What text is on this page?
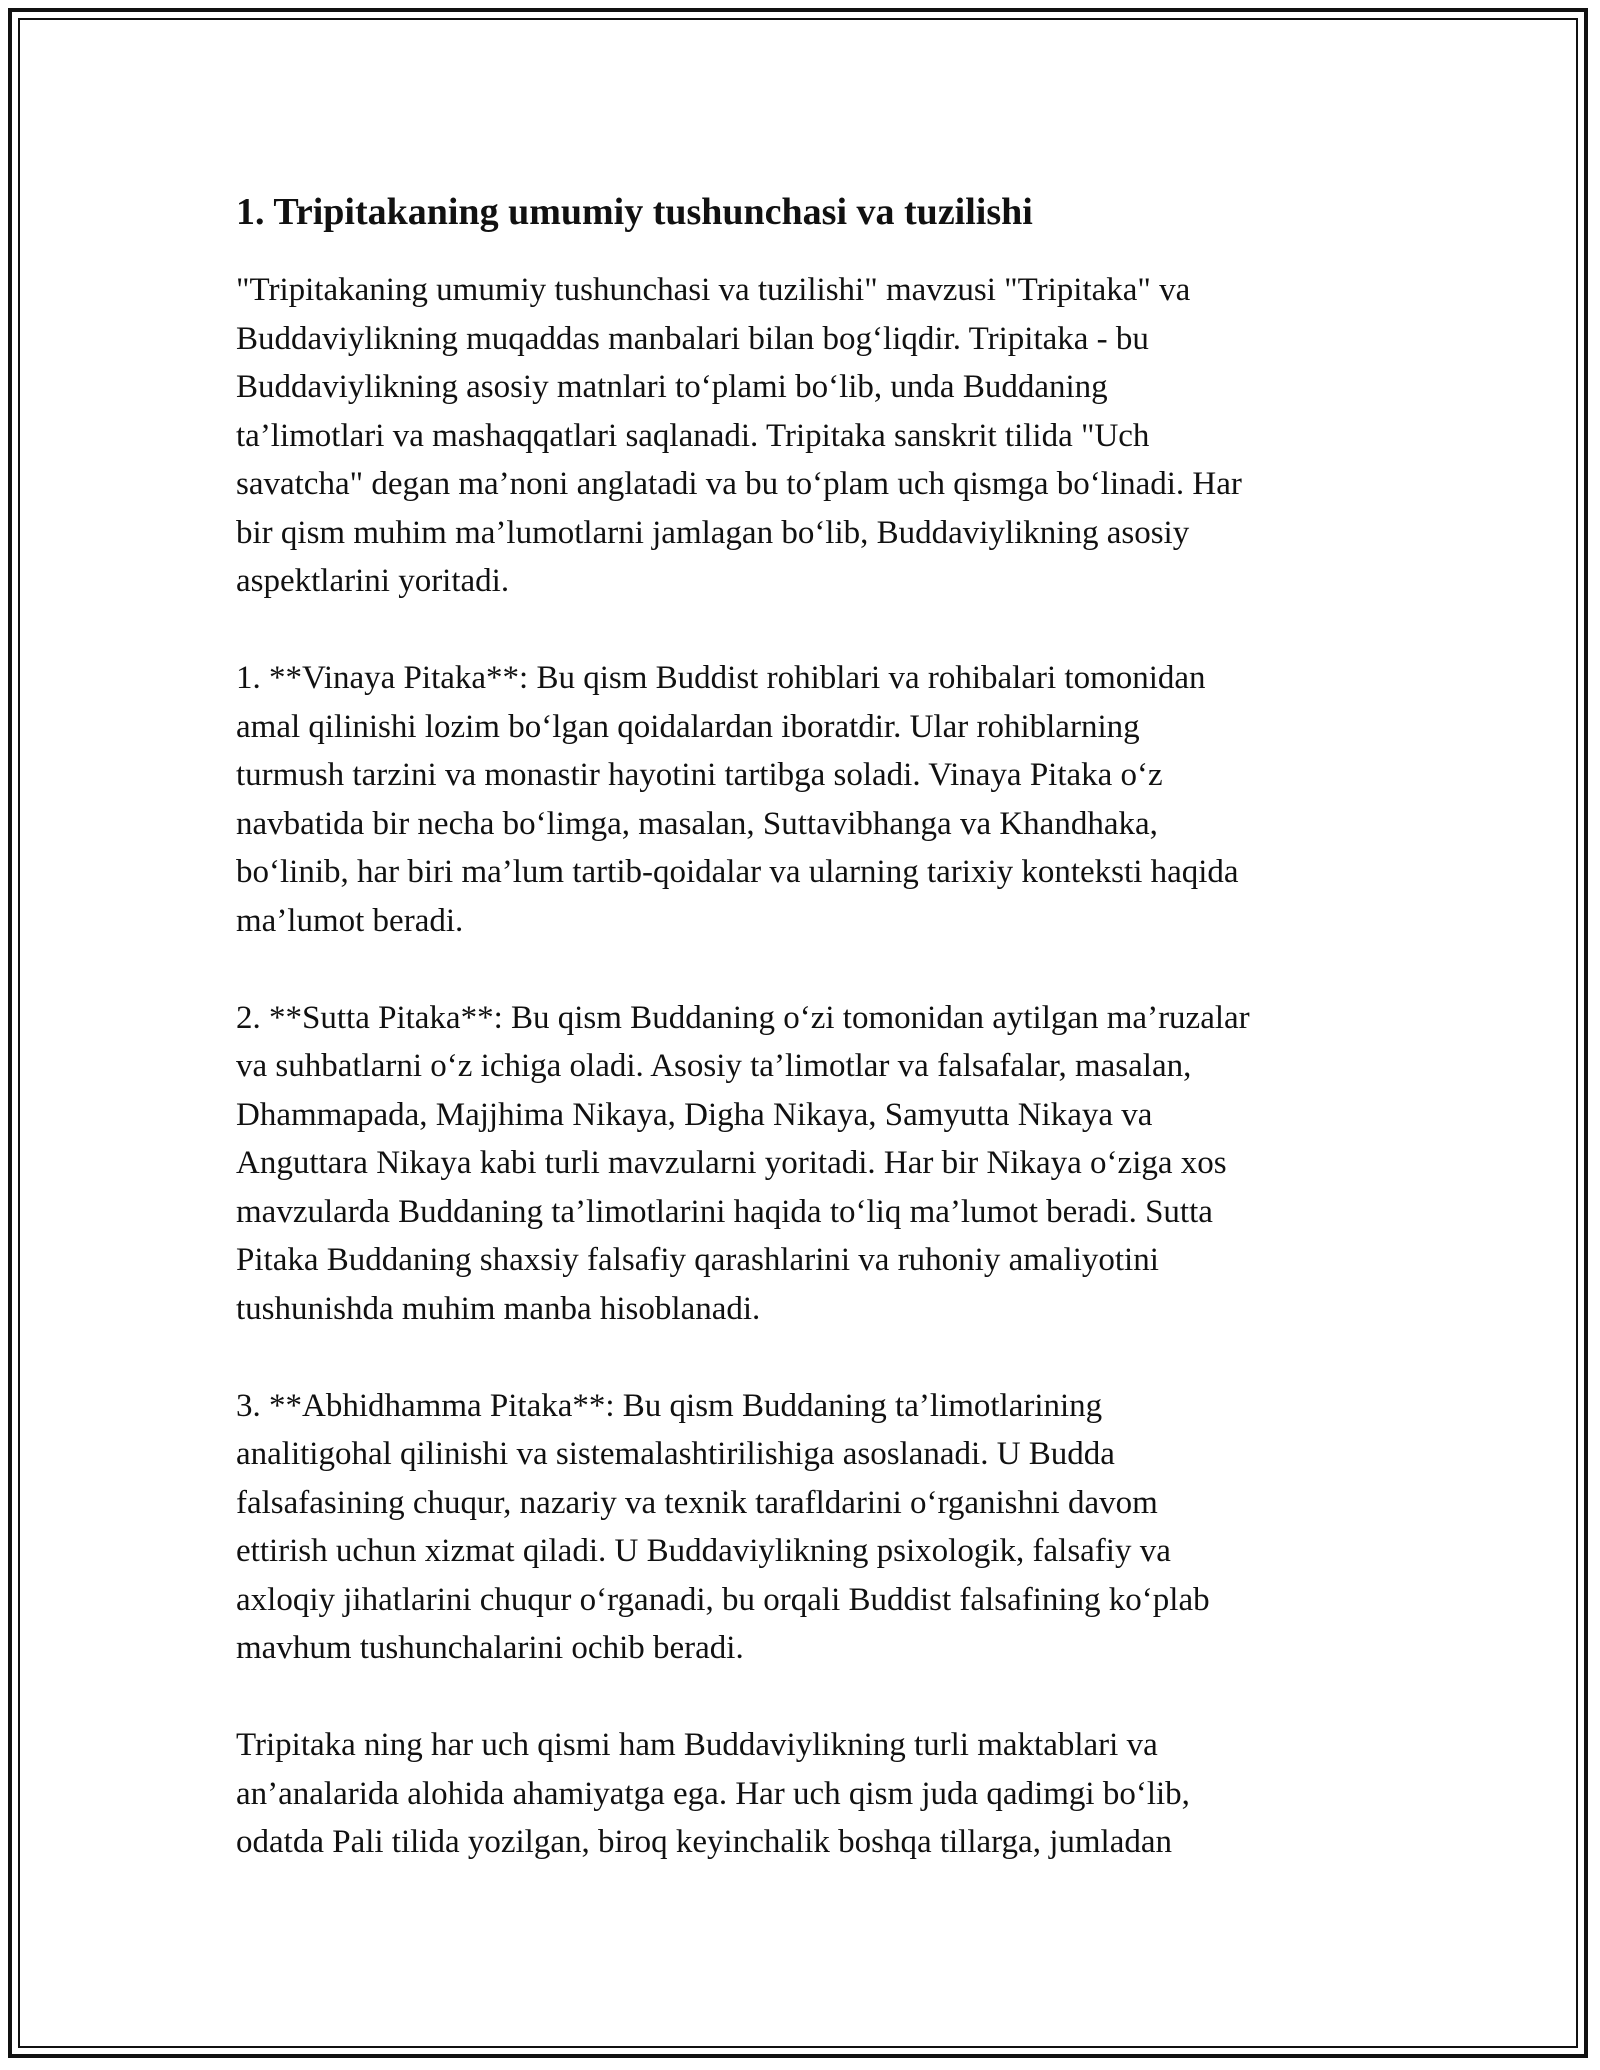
1. Tripitakaning umumiy tushunchasi va tuzilishi

"Tripitakaning umumiy tushunchasi va tuzilishi" mavzusi "Tripitaka" va
Buddaviylikning muqaddas manbalari bilan bog‘liqdir. Tripitaka - bu
Buddaviylikning asosiy matnlari to‘plami bo‘lib, unda Buddaning
ta’limotlari va mashaqqatlari saqlanadi. Tripitaka sanskrit tilida "Uch
savatcha" degan ma’noni anglatadi va bu to‘plam uch qismga bo‘linadi. Har
bir qism muhim ma’lumotlarni jamlagan bo‘lib, Buddaviylikning asosiy
aspektlarini yoritadi.

1. **Vinaya Pitaka**: Bu qism Buddist rohiblari va rohibalari tomonidan
amal qilinishi lozim bo‘lgan qoidalardan iboratdir. Ular rohiblarning
turmush tarzini va monastir hayotini tartibga soladi. Vinaya Pitaka o‘z
navbatida bir necha bo‘limga, masalan, Suttavibhanga va Khandhaka,
bo‘linib, har biri ma’lum tartib-qoidalar va ularning tarixiy konteksti haqida
ma’lumot beradi.

2. **Sutta Pitaka**: Bu qism Buddaning o‘zi tomonidan aytilgan ma’ruzalar
va suhbatlarni o‘z ichiga oladi. Asosiy ta’limotlar va falsafalar, masalan,
Dhammapada, Majjhima Nikaya, Digha Nikaya, Samyutta Nikaya va
Anguttara Nikaya kabi turli mavzularni yoritadi. Har bir Nikaya o‘ziga xos
mavzularda Buddaning ta’limotlarini haqida to‘liq ma’lumot beradi. Sutta
Pitaka Buddaning shaxsiy falsafiy qarashlarini va ruhoniy amaliyotini
tushunishda muhim manba hisoblanadi.

3. **Abhidhamma Pitaka**: Bu qism Buddaning ta’limotlarining
analitigohal qilinishi va sistemalashtirilishiga asoslanadi. U Budda
falsafasining chuqur, nazariy va texnik tarafldarini o‘rganishni davom
ettirish uchun xizmat qiladi. U Buddaviylikning psixologik, falsafiy va
axloqiy jihatlarini chuqur o‘rganadi, bu orqali Buddist falsafining ko‘plab
mavhum tushunchalarini ochib beradi.

Tripitaka ning har uch qismi ham Buddaviylikning turli maktablari va
an’analarida alohida ahamiyatga ega. Har uch qism juda qadimgi bo‘lib,
odatda Pali tilida yozilgan, biroq keyinchalik boshqa tillarga, jumladan
